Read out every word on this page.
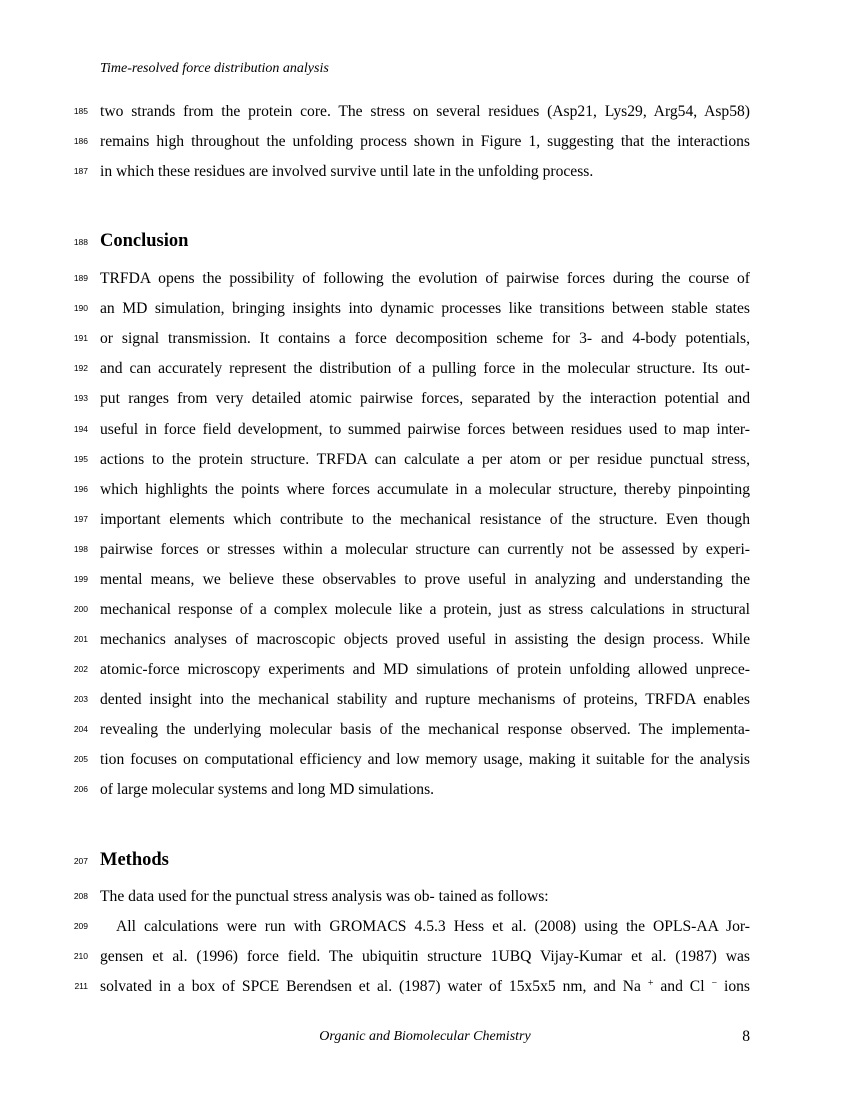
Time-resolved force distribution analysis
185 two strands from the protein core. The stress on several residues (Asp21, Lys29, Arg54, Asp58)
186 remains high throughout the unfolding process shown in Figure 1, suggesting that the interactions
187 in which these residues are involved survive until late in the unfolding process.
188 Conclusion
189 TRFDA opens the possibility of following the evolution of pairwise forces during the course of
190 an MD simulation, bringing insights into dynamic processes like transitions between stable states
191 or signal transmission. It contains a force decomposition scheme for 3- and 4-body potentials,
192 and can accurately represent the distribution of a pulling force in the molecular structure. Its out-
193 put ranges from very detailed atomic pairwise forces, separated by the interaction potential and
194 useful in force field development, to summed pairwise forces between residues used to map inter-
195 actions to the protein structure. TRFDA can calculate a per atom or per residue punctual stress,
196 which highlights the points where forces accumulate in a molecular structure, thereby pinpointing
197 important elements which contribute to the mechanical resistance of the structure. Even though
198 pairwise forces or stresses within a molecular structure can currently not be assessed by experi-
199 mental means, we believe these observables to prove useful in analyzing and understanding the
200 mechanical response of a complex molecule like a protein, just as stress calculations in structural
201 mechanics analyses of macroscopic objects proved useful in assisting the design process. While
202 atomic-force microscopy experiments and MD simulations of protein unfolding allowed unprece-
203 dented insight into the mechanical stability and rupture mechanisms of proteins, TRFDA enables
204 revealing the underlying molecular basis of the mechanical response observed. The implementa-
205 tion focuses on computational efficiency and low memory usage, making it suitable for the analysis
206 of large molecular systems and long MD simulations.
207 Methods
208 The data used for the punctual stress analysis was ob- tained as follows:
209 All calculations were run with GROMACS 4.5.3 Hess et al. (2008) using the OPLS-AA Jor-
210 gensen et al. (1996) force field. The ubiquitin structure 1UBQ Vijay-Kumar et al. (1987) was
211 solvated in a box of SPCE Berendsen et al. (1987) water of 15x5x5 nm, and Na + and Cl − ions
Organic and Biomolecular Chemistry	8
